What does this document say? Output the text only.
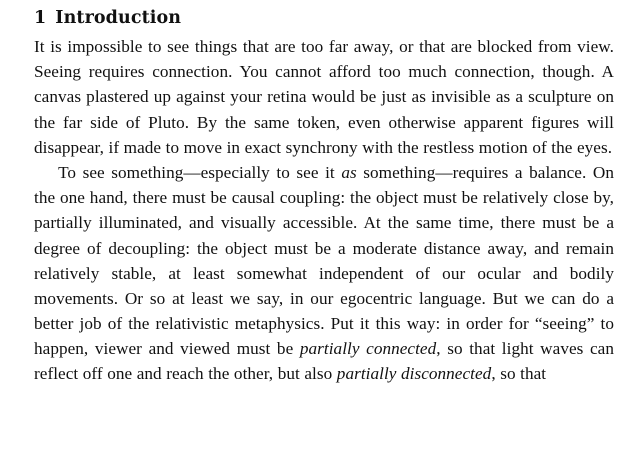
1 Introduction

It is impossible to see things that are too far away, or that are blocked from view. Seeing requires connection. You cannot afford too much connection, though. A canvas plastered up against your retina would be just as invisible as a sculpture on the far side of Pluto. By the same token, even otherwise apparent figures will disappear, if made to move in exact synchrony with the restless motion of the eyes.

To see something—especially to see it as something—requires a balance. On the one hand, there must be causal coupling: the object must be relatively close by, partially illuminated, and visually accessible. At the same time, there must be a degree of decoupling: the object must be a moderate distance away, and remain relatively stable, at least somewhat independent of our ocular and bodily movements. Or so at least we say, in our egocentric language. But we can do a better job of the relativistic metaphysics. Put it this way: in order for “seeing” to happen, viewer and viewed must be partially connected, so that light waves can reflect off one and reach the other, but also partially disconnected, so that
